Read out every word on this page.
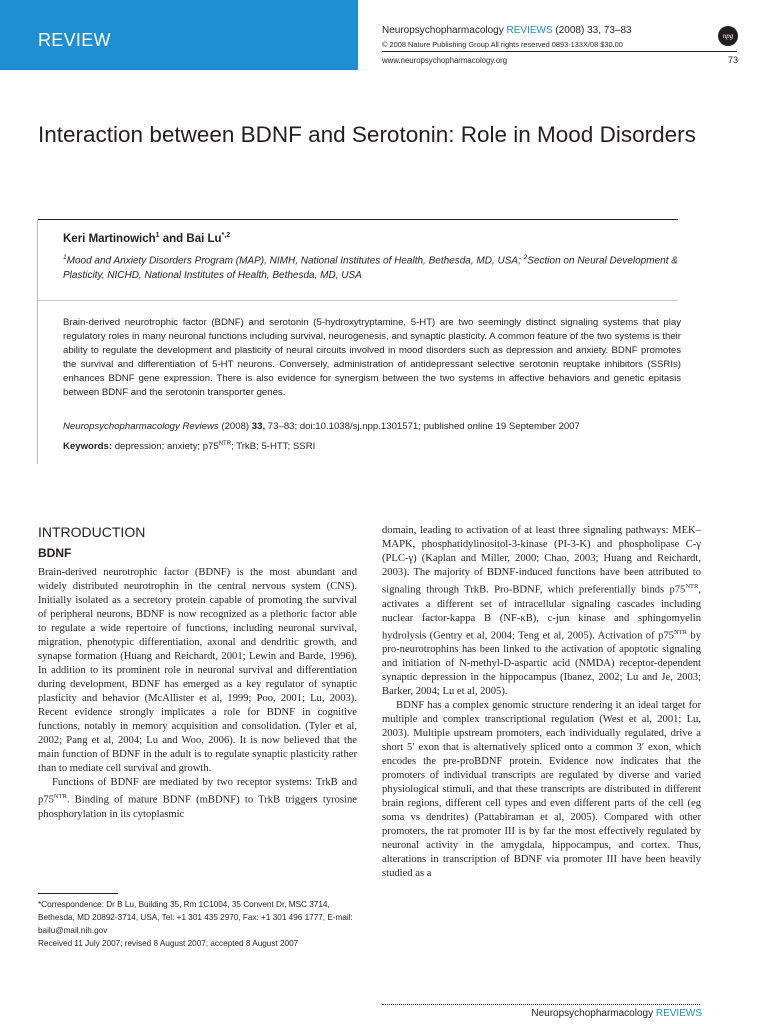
REVIEW	Neuropsychopharmacology REVIEWS (2008) 33, 73–83
© 2008 Nature Publishing Group All rights reserved 0893-133X/08 $30.00
www.neuropsychopharmacology.org
npg
73
Interaction between BDNF and Serotonin: Role in Mood Disorders
Keri Martinowich$^1$ and Bai $Lu^{*,2}$
$^1$Mood and Anxiety Disorders Program (MAP), NIMH, National Institutes of Health, Bethesda, MD, USA; $^2$Section on Neural Development & Plasticity, NICHD, National Institutes of Health, Bethesda, MD, USA

Brain-derived neurotrophic factor (BDNF) and serotonin (5-hydroxytryptamine, 5-HT) are two seemingly distinct signaling systems that play regulatory roles in many neuronal functions including survival, neurogenesis, and synaptic plasticity. A common feature of the two systems is their ability to regulate the development and plasticity of neural circuits involved in mood disorders such as depression and anxiety. BDNF promotes the survival and differentiation of 5-HT neurons. Conversely, administration of antidepressant selective serotonin reuptake inhibitors (SSRIs) enhances BDNF gene expression. There is also evidence for synergism between the two systems in affective behaviors and genetic epitasis between BDNF and the serotonin transporter genes.

Neuropsychopharmacology Reviews (2008) 33, 73–83; doi:10.1038/sj.npp.1301571; published online 19 September 2007
Keywords: depression; anxiety; $p75^{NTR}$; TrkB; 5-HTT; SSRI
INTRODUCTION
BDNF

Brain-derived neurotrophic factor (BDNF) is the most abundant and widely distributed neurotrophin in the central nervous system (CNS). Initially isolated as a secretory protein capable of promoting the survival of peripheral neurons, BDNF is now recognized as a plethoric factor able to regulate a wide repertoire of functions, including neuronal survival, migration, phenotypic differentiation, axonal and dendritic growth, and synapse formation (Huang and Reichardt, 2001; Lewin and Barde, 1996). In addition to its prominent role in neuronal survival and differentiation during development, BDNF has emerged as a key regulator of synaptic plasticity and behavior (McAllister et al, 1999; Poo, 2001; Lu, 2003). Recent evidence strongly implicates a role for BDNF in cognitive functions, notably in memory acquisition and consolidation. (Tyler et al, 2002; Pang et al, 2004; Lu and Woo, 2006). It is now believed that the main function of BDNF in the adult is to regulate synaptic plasticity rather than to mediate cell survival and growth.

Functions of BDNF are mediated by two receptor systems: TrkB and $p75^{NTR}$. Binding of mature BDNF (mBDNF) to TrkB triggers tyrosine phosphorylation in its cytoplasmic

domain, leading to activation of at least three signaling pathways: MEK–MAPK, phosphatidylinositol-3-kinase (PI-3-K) and phospholipase C-γ (PLC-γ) (Kaplan and Miller, 2000; Chao, 2003; Huang and Reichardt, 2003). The majority of BDNF-induced functions have been attributed to signaling through TrkB. Pro-BDNF, which preferentially binds $p75^{NTR}$, activates a different set of intracellular signaling cascades including nuclear factor-kappa B (NF-κB), c-jun kinase and sphingomyelin hydrolysis (Gentry et al, 2004; Teng et al, 2005). Activation of $p75^{NTR}$ by pro-neurotrophins has been linked to the activation of apoptotic signaling and initiation of N-methyl-D-aspartic acid (NMDA) receptor-dependent synaptic depression in the hippocampus (Ibanez, 2002; Lu and Je, 2003; Barker, 2004; Lu et al, 2005).

BDNF has a complex genomic structure rendering it an ideal target for multiple and complex transcriptional regulation (West et al, 2001; Lu, 2003). Multiple upstream promoters, each individually regulated, drive a short 5′ exon that is alternatively spliced onto a common 3′ exon, which encodes the pre-proBDNF protein. Evidence now indicates that the promoters of individual transcripts are regulated by diverse and varied physiological stimuli, and that these transcripts are distributed in different brain regions, different cell types and even different parts of the cell (eg soma vs dendrites) (Pattabiraman et al, 2005). Compared with other promoters, the rat promoter III is by far the most effectively regulated by neuronal activity in the amygdala, hippocampus, and cortex. Thus, alterations in transcription of BDNF via promoter III have been heavily studied as a

*Correspondence: Dr B Lu, Building 35, Rm 1C1004, 35 Convent Dr, MSC 3714, Bethesda, MD 20892-3714, USA, Tel: +1 301 435 2970, Fax: +1 301 496 1777, E-mail: bailu@mail.nih.gov
Received 11 July 2007; revised 8 August 2007; accepted 8 August 2007
Neuropsychopharmacology REVIEWS
